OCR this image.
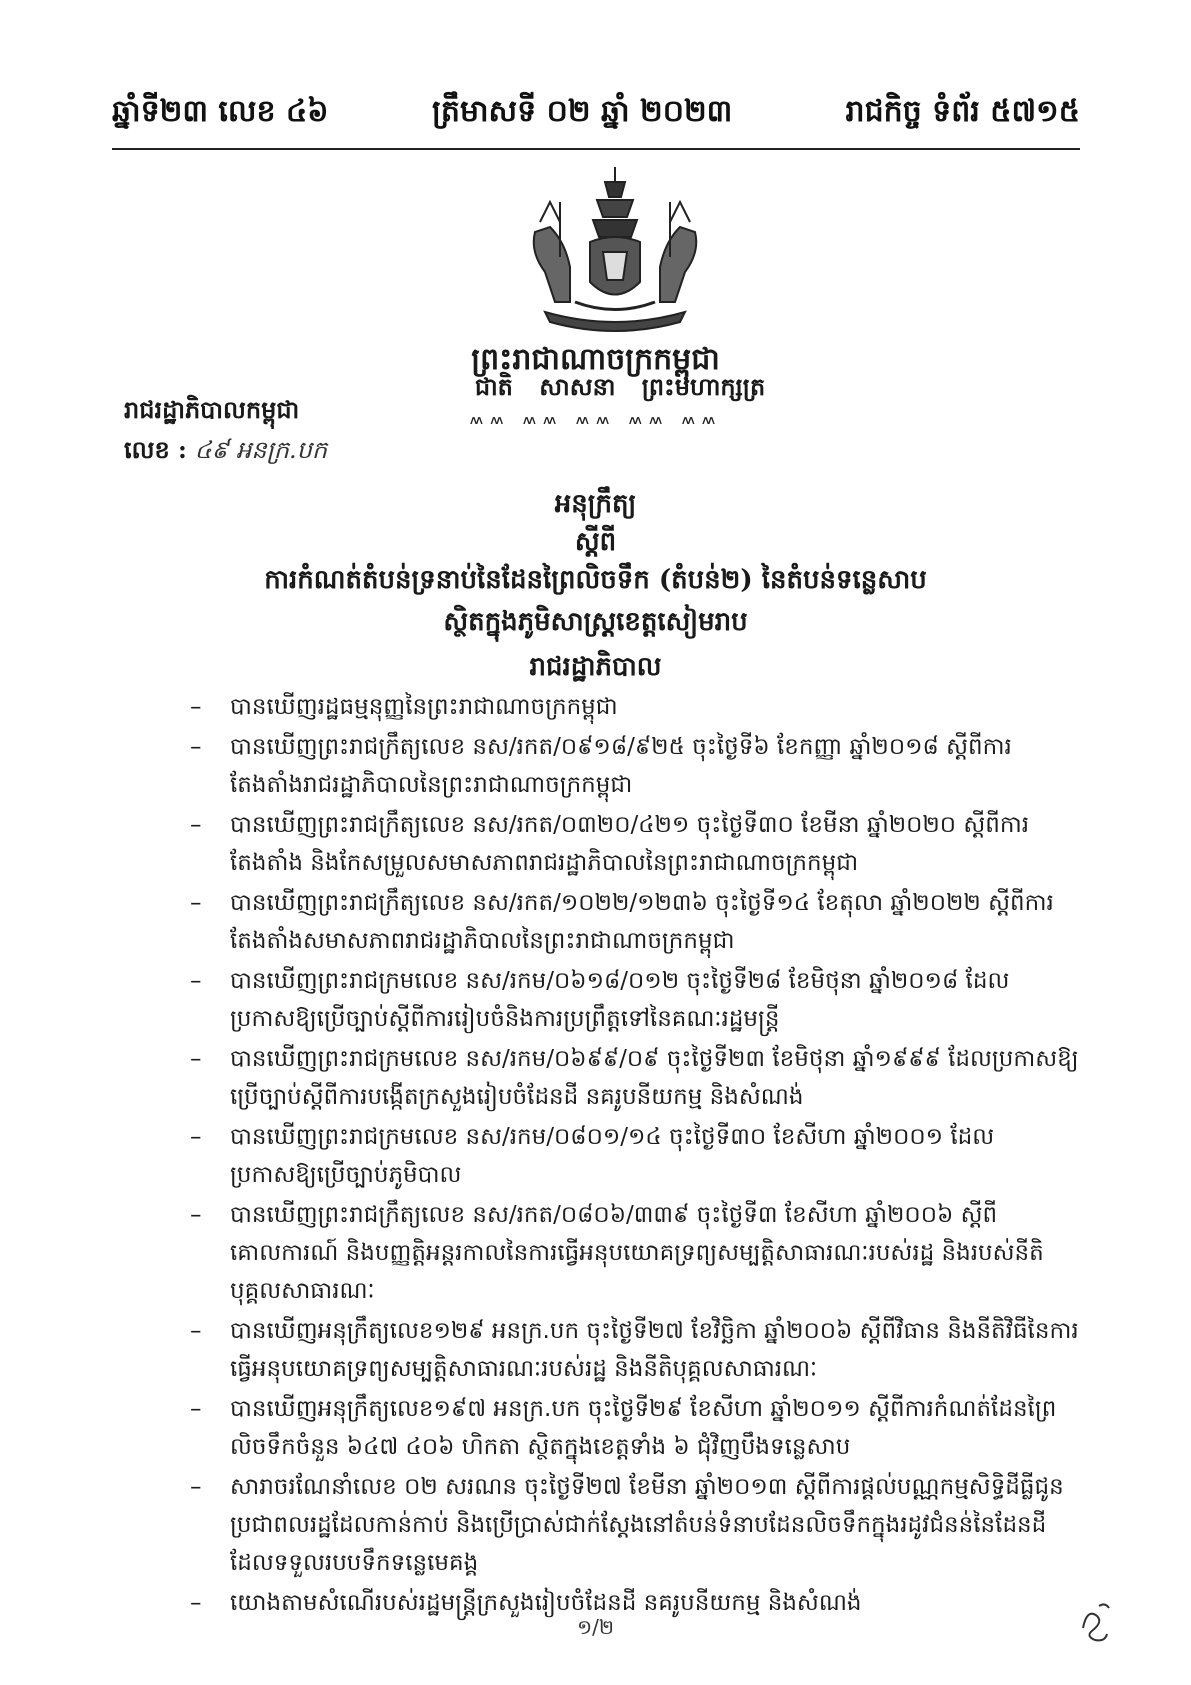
ឆ្នាំទី២៣ លេខ ៤៦	ត្រឹមាសទី ០២ ឆ្នាំ ២០២៣	រាជកិច្ច ទំព័រ ៥៧១៥
ព្រះរាជាណាចក្រកម្ពុជា
ជាតិ សាសនា ព្រះមហាក្សត្រ
៳៳ ៳៳ ៳៳ ៳៳ ៳៳
រាជរដ្ឋាភិបាលកម្ពុជា
លេខ : ៤៩ អនក្រ.បក
អនុក្រឹត្យ
ស្តីពី
ការកំណត់តំបន់ទ្រនាប់នៃដែនព្រៃលិចទឹក (តំបន់២) នៃតំបន់ទន្លេសាប
ស្ថិតក្នុងភូមិសាស្ត្រខេត្តសៀមរាប
រាជរដ្ឋាភិបាល
– បានឃើញរដ្ឋធម្មនុញ្ញនៃព្រះរាជាណាចក្រកម្ពុជា
– បានឃើញព្រះរាជក្រឹត្យលេខ នស/រកត/០៩១៨/៩២៥ ចុះថ្ងៃទី៦ ខែកញ្ញា ឆ្នាំ២០១៨ ស្តីពីការតែងតាំងរាជរដ្ឋាភិបាលនៃព្រះរាជាណាចក្រកម្ពុជា
– បានឃើញព្រះរាជក្រឹត្យលេខ នស/រកត/០៣២០/៤២១ ចុះថ្ងៃទី៣០ ខែមីនា ឆ្នាំ២០២០ ស្តីពីការតែងតាំង និងកែសម្រួលសមាសភាពរាជរដ្ឋាភិបាលនៃព្រះរាជាណាចក្រកម្ពុជា
– បានឃើញព្រះរាជក្រឹត្យលេខ នស/រកត/១០២២/១២៣៦ ចុះថ្ងៃទី១៤ ខែតុលា ឆ្នាំ២០២២ ស្តីពីការតែងតាំងសមាសភាពរាជរដ្ឋាភិបាលនៃព្រះរាជាណាចក្រកម្ពុជា
– បានឃើញព្រះរាជក្រមលេខ នស/រកម/០៦១៨/០១២ ចុះថ្ងៃទី២៨ ខែមិថុនា ឆ្នាំ២០១៨ ដែលប្រកាសឱ្យប្រើច្បាប់ស្តីពីការរៀបចំនិងការប្រព្រឹត្តទៅនៃគណៈរដ្ឋមន្ត្រី
– បានឃើញព្រះរាជក្រមលេខ នស/រកម/០៦៩៩/០៩ ចុះថ្ងៃទី២៣ ខែមិថុនា ឆ្នាំ១៩៩៩ ដែលប្រកាសឱ្យប្រើច្បាប់ស្តីពីការបង្កើតក្រសួងរៀបចំដែនដី នគរូបនីយកម្ម និងសំណង់
– បានឃើញព្រះរាជក្រមលេខ នស/រកម/០៨០១/១៤ ចុះថ្ងៃទី៣០ ខែសីហា ឆ្នាំ២០០១ ដែលប្រកាសឱ្យប្រើច្បាប់ភូមិបាល
– បានឃើញព្រះរាជក្រឹត្យលេខ នស/រកត/០៨០៦/៣៣៩ ចុះថ្ងៃទី៣ ខែសីហា ឆ្នាំ២០០៦ ស្តីពីគោលការណ៍ និងបញ្ញត្តិអន្តរកាលនៃការធ្វើអនុបយោគទ្រព្យសម្បត្តិសាធារណៈរបស់រដ្ឋ និងរបស់នីតិបុគ្គលសាធារណៈ
– បានឃើញអនុក្រឹត្យលេខ១២៩ អនក្រ.បក ចុះថ្ងៃទី២៧ ខែវិច្ឆិកា ឆ្នាំ២០០៦ ស្តីពីវិធាន និងនីតិវិធីនៃការធ្វើអនុបយោគទ្រព្យសម្បត្តិសាធារណៈរបស់រដ្ឋ និងនីតិបុគ្គលសាធារណៈ
– បានឃើញអនុក្រឹត្យលេខ១៩៧ អនក្រ.បក ចុះថ្ងៃទី២៩ ខែសីហា ឆ្នាំ២០១១ ស្តីពីការកំណត់ដែនព្រៃលិចទឹកចំនួន ៦៤៧ ៤០៦ ហិកតា ស្ថិតក្នុងខេត្តទាំង ៦ ជុំវិញបឹងទន្លេសាប
– សារាចរណែនាំលេខ ០២ សរណន ចុះថ្ងៃទី២៧ ខែមីនា ឆ្នាំ២០១៣ ស្តីពីការផ្តល់បណ្ណកម្មសិទ្ធិដីធ្លីជូនប្រជាពលរដ្ឋដែលកាន់កាប់ និងប្រើប្រាស់ជាក់ស្តែងនៅតំបន់ទំនាបដែនលិចទឹកក្នុងរដូវជំនន់នៃដែនដីដែលទទួលរបបទឹកទន្លេមេគង្គ
– យោងតាមសំណើរបស់រដ្ឋមន្ត្រីក្រសួងរៀបចំដែនដី នគរូបនីយកម្ម និងសំណង់
១/២
